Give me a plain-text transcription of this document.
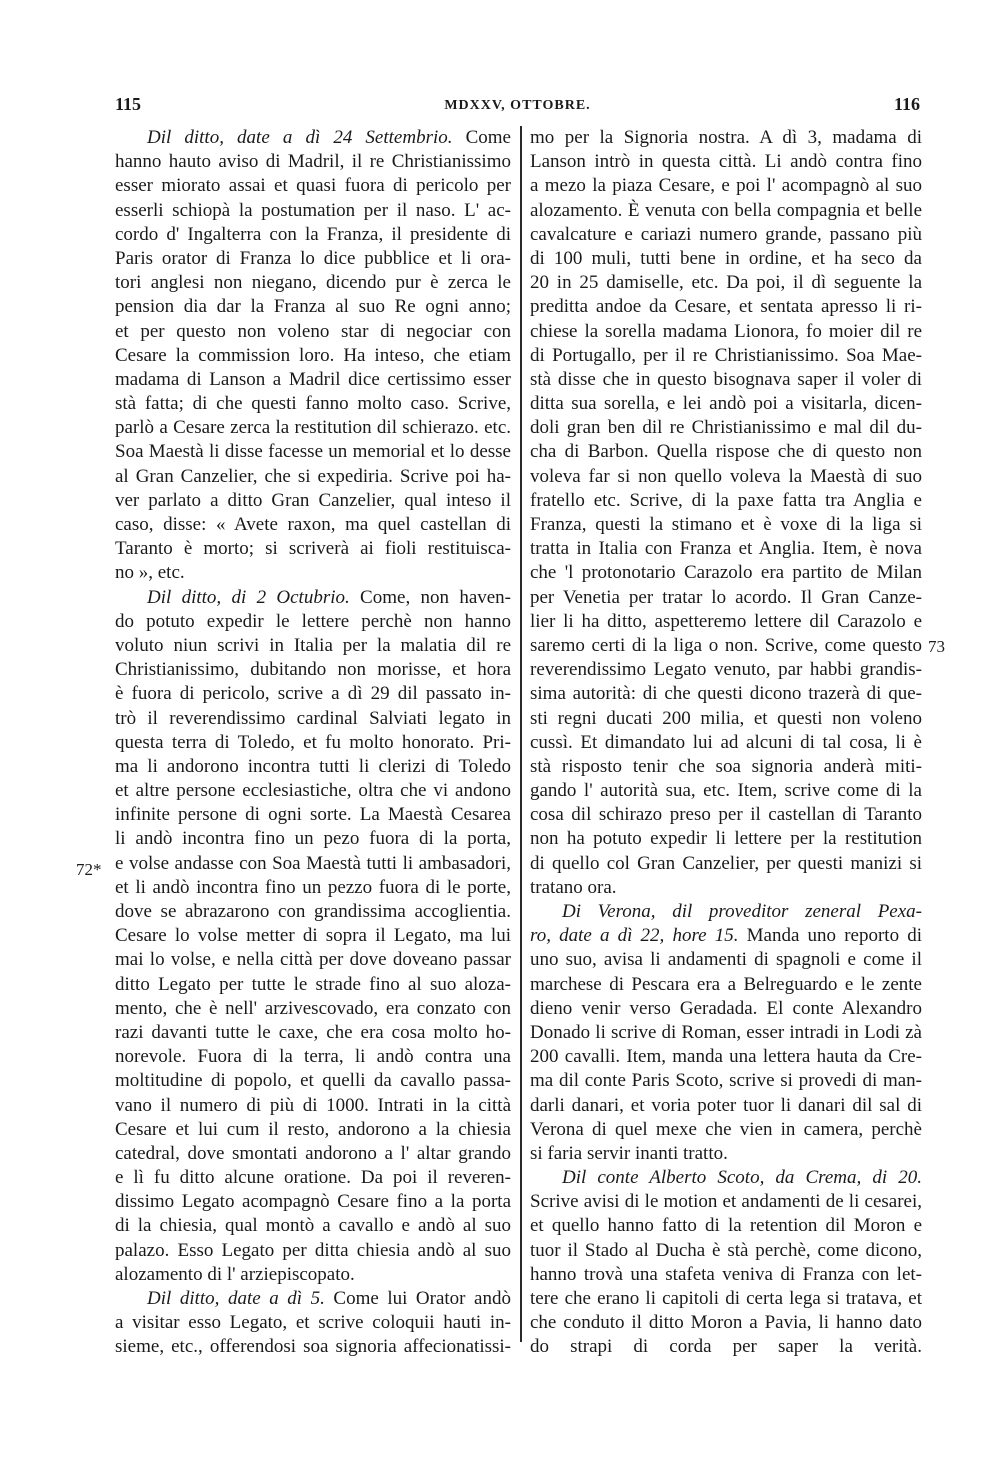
115	MDXXV, OTTOBRE.	116
Dil ditto, date a dì 24 Settembrio. Come
hanno hauto aviso di Madril, il re Christianissimo
esser miorato assai et quasi fuora di pericolo per
esserli schiopà la postumation per il naso. L' ac-
cordo d' Ingalterra con la Franza, il presidente di
Paris orator di Franza lo dice pubblice et li ora-
tori anglesi non niegano, dicendo pur è zerca le
pension dia dar la Franza al suo Re ogni anno;
et per questo non voleno star di negociar con
Cesare la commission loro. Ha inteso, che etiam
madama di Lanson a Madril dice certissimo esser
stà fatta; di che questi fanno molto caso. Scrive,
parlò a Cesare zerca la restitution dil schierazo. etc.
Soa Maestà li disse facesse un memorial et lo desse
al Gran Canzelier, che si expediria. Scrive poi ha-
ver parlato a ditto Gran Canzelier, qual inteso il
caso, disse: « Avete raxon, ma quel castellan di
Taranto è morto; si scriverà ai fioli restituisca-
no », etc.
Dil ditto, di 2 Octubrio. Come, non haven-
do potuto expedir le lettere perchè non hanno
voluto niun scrivi in Italia per la malatia dil re
Christianissimo, dubitando non morisse, et hora
è fuora di pericolo, scrive a dì 29 dil passato in-
trò il reverendissimo cardinal Salviati legato in
questa terra di Toledo, et fu molto honorato. Pri-
ma li andorono incontra tutti li clerizi di Toledo
et altre persone ecclesiastiche, oltra che vi andono
infinite persone di ogni sorte. La Maestà Cesarea
li andò incontra fino un pezo fuora di la porta,
e volse andasse con Soa Maestà tutti li ambasadori,
et li andò incontra fino un pezzo fuora di le porte,
dove se abrazarono con grandissima accoglientia.
Cesare lo volse metter di sopra il Legato, ma lui
mai lo volse, e nella città per dove doveano passar
ditto Legato per tutte le strade fino al suo aloza-
mento, che è nell' arzivescovado, era conzato con
razi davanti tutte le caxe, che era cosa molto ho-
norevole. Fuora di la terra, li andò contra una
moltitudine di popolo, et quelli da cavallo passa-
vano il numero di più di 1000. Intrati in la città
Cesare et lui cum il resto, andorono a la chiesia
catedral, dove smontati andorono a l' altar grando
e lì fu ditto alcune oratione. Da poi il reveren-
dissimo Legato acompagnò Cesare fino a la porta
di la chiesia, qual montò a cavallo e andò al suo
palazo. Esso Legato per ditta chiesia andò al suo
alozamento di l' arziepiscopato.
Dil ditto, date a dì 5. Come lui Orator andò
a visitar esso Legato, et scrive coloquii hauti in-
sieme, etc., offerendosi soa signoria affecionatissi-
mo per la Signoria nostra. A dì 3, madama di
Lanson intrò in questa città. Li andò contra fino
a mezo la piaza Cesare, e poi l' acompagnò al suo
alozamento. È venuta con bella compagnia et belle
cavalcature e cariazi numero grande, passano più
di 100 muli, tutti bene in ordine, et ha seco da
20 in 25 damiselle, etc. Da poi, il dì seguente la
preditta andoe da Cesare, et sentata apresso li ri-
chiese la sorella madama Lionora, fo moier dil re
di Portugallo, per il re Christianissimo. Soa Mae-
stà disse che in questo bisognava saper il voler di
ditta sua sorella, e lei andò poi a visitarla, dicen-
doli gran ben dil re Christianissimo e mal dil du-
cha di Barbon. Quella rispose che di questo non
voleva far si non quello voleva la Maestà di suo
fratello etc. Scrive, di la paxe fatta tra Anglia e
Franza, questi la stimano et è voxe di la liga si
tratta in Italia con Franza et Anglia. Item, è nova
che 'l protonotario Carazolo era partito de Milan
per Venetia per tratar lo acordo. Il Gran Canze-
lier li ha ditto, aspetteremo lettere dil Carazolo e
saremo certi di la liga o non. Scrive, come questo
reverendissimo Legato venuto, par habbi grandis-
sima autorità: di che questi dicono trazerà di que-
sti regni ducati 200 milia, et questi non voleno
cussì. Et dimandato lui ad alcuni di tal cosa, li è
stà risposto tenir che soa signoria anderà miti-
gando l' autorità sua, etc. Item, scrive come di la
cosa dil schirazo preso per il castellan di Taranto
non ha potuto expedir li lettere per la restitution
di quello col Gran Canzelier, per questi manizi si
tratano ora.
Di Verona, dil proveditor zeneral Pexa-
ro, date a dì 22, hore 15. Manda uno reporto di
uno suo, avisa li andamenti di spagnoli e come il
marchese di Pescara era a Belreguardo e le zente
dieno venir verso Geradada. El conte Alexandro
Donado li scrive di Roman, esser intradi in Lodi zà
200 cavalli. Item, manda una lettera hauta da Cre-
ma dil conte Paris Scoto, scrive si provedi di man-
darli danari, et voria poter tuor li danari dil sal di
Verona di quel mexe che vien in camera, perchè
si faria servir inanti tratto.
Dil conte Alberto Scoto, da Crema, di 20.
Scrive avisi di le motion et andamenti de li cesarei,
et quello hanno fatto di la retention dil Moron e
tuor il Stado al Ducha è stà perchè, come dicono,
hanno trovà una stafeta veniva di Franza con let-
tere che erano li capitoli di certa lega si tratava, et
che conduto il ditto Moron a Pavia, li hanno dato
do strapi di corda per saper la verità.
72*
73
